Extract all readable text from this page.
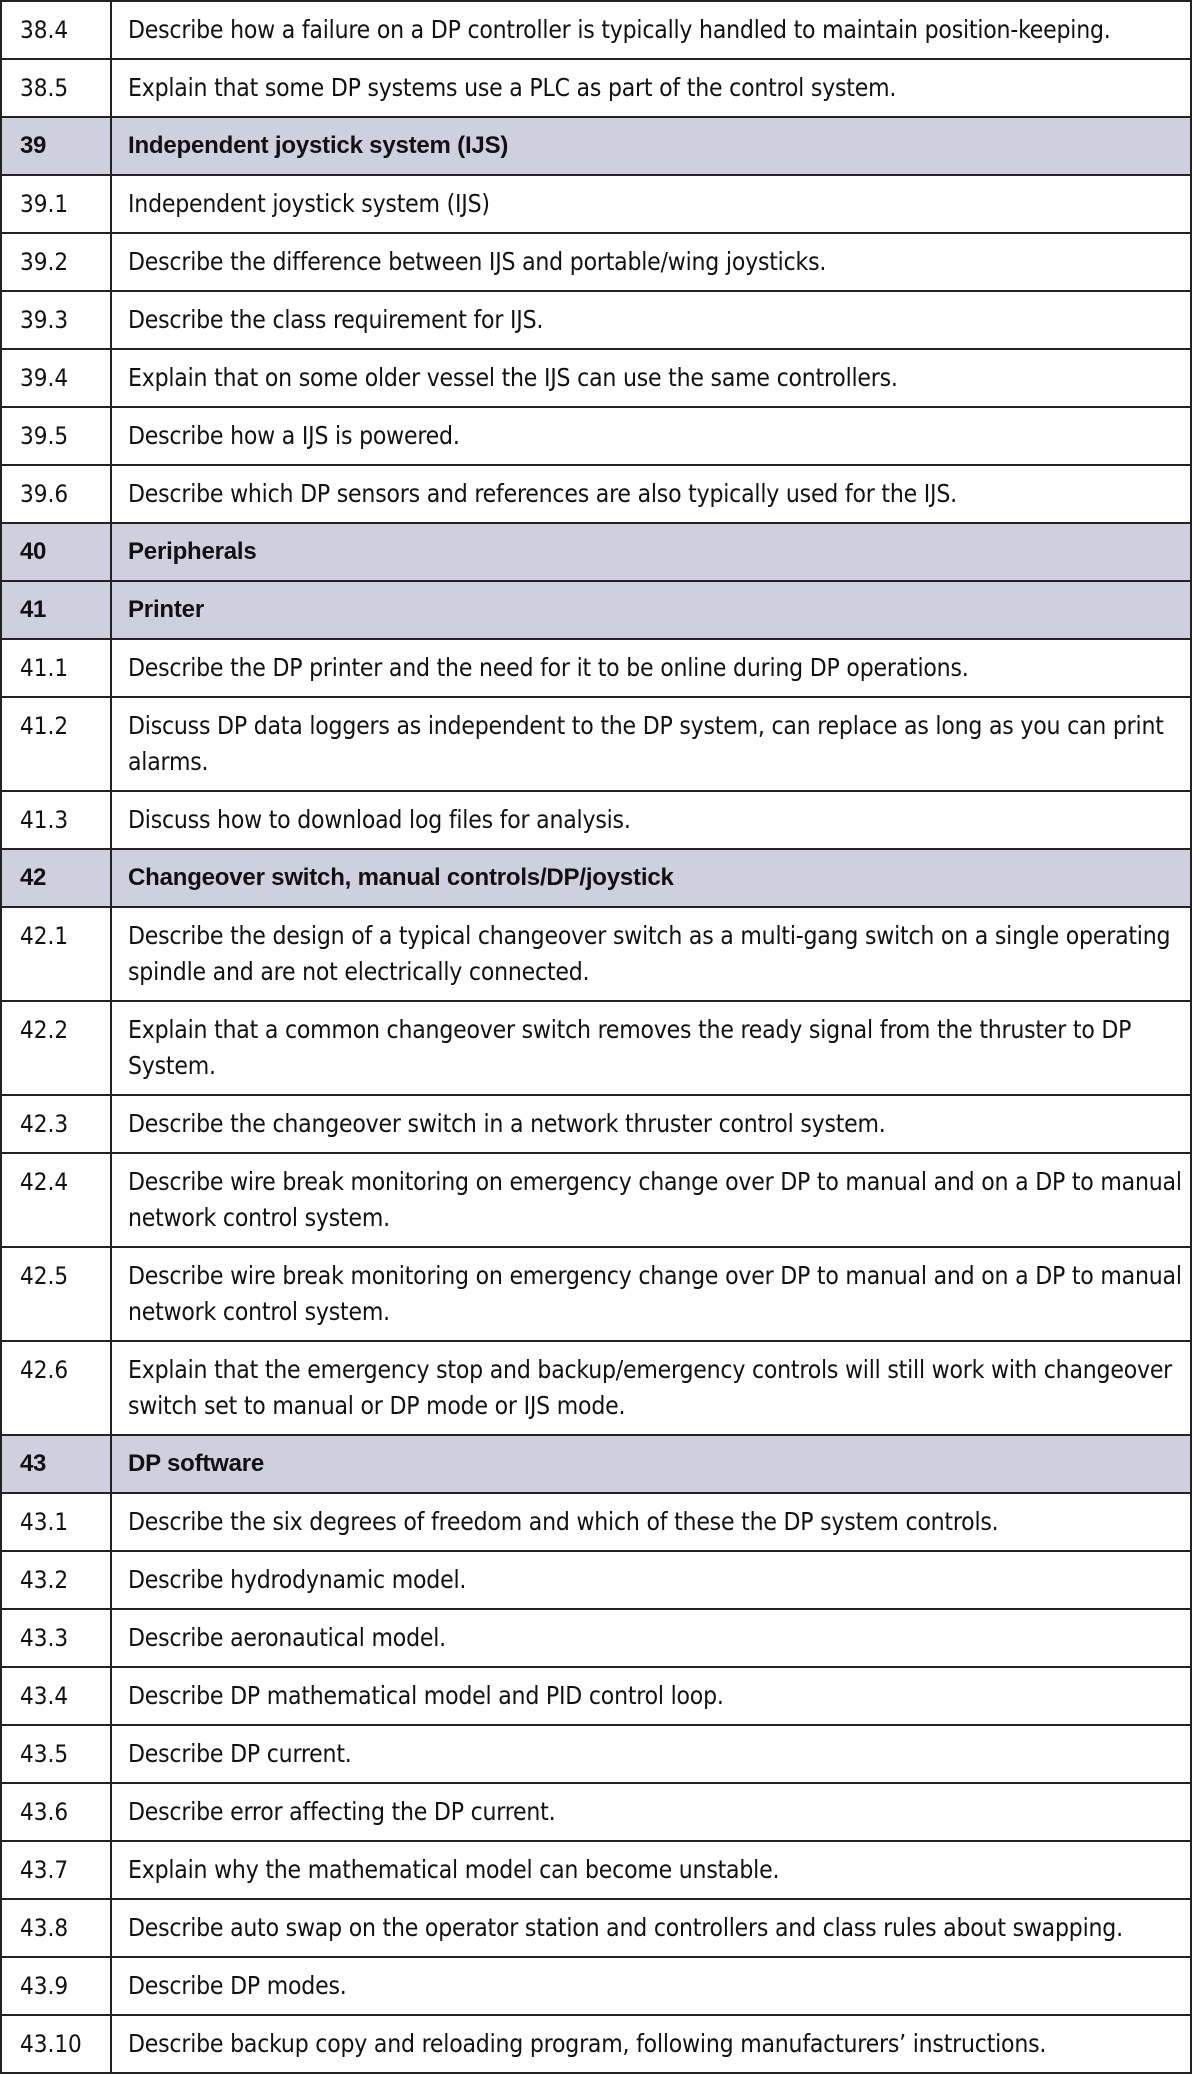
38.4	Describe how a failure on a DP controller is typically handled to maintain position-keeping.
38.5	Explain that some DP systems use a PLC as part of the control system.
39	Independent joystick system (IJS)
39.1	Independent joystick system (IJS)
39.2	Describe the difference between IJS and portable/wing joysticks.
39.3	Describe the class requirement for IJS.
39.4	Explain that on some older vessel the IJS can use the same controllers.
39.5	Describe how a IJS is powered.
39.6	Describe which DP sensors and references are also typically used for the IJS.
40	Peripherals
41	Printer
41.1	Describe the DP printer and the need for it to be online during DP operations.
41.2	Discuss DP data loggers as independent to the DP system, can replace as long as you can print alarms.
41.3	Discuss how to download log files for analysis.
42	Changeover switch, manual controls/DP/joystick
42.1	Describe the design of a typical changeover switch as a multi-gang switch on a single operating spindle and are not electrically connected.
42.2	Explain that a common changeover switch removes the ready signal from the thruster to DP System.
42.3	Describe the changeover switch in a network thruster control system.
42.4	Describe wire break monitoring on emergency change over DP to manual and on a DP to manual network control system.
42.5	Describe wire break monitoring on emergency change over DP to manual and on a DP to manual network control system.
42.6	Explain that the emergency stop and backup/emergency controls will still work with changeover switch set to manual or DP mode or IJS mode.
43	DP software
43.1	Describe the six degrees of freedom and which of these the DP system controls.
43.2	Describe hydrodynamic model.
43.3	Describe aeronautical model.
43.4	Describe DP mathematical model and PID control loop.
43.5	Describe DP current.
43.6	Describe error affecting the DP current.
43.7	Explain why the mathematical model can become unstable.
43.8	Describe auto swap on the operator station and controllers and class rules about swapping.
43.9	Describe DP modes.
43.10	Describe backup copy and reloading program, following manufacturers’ instructions.
